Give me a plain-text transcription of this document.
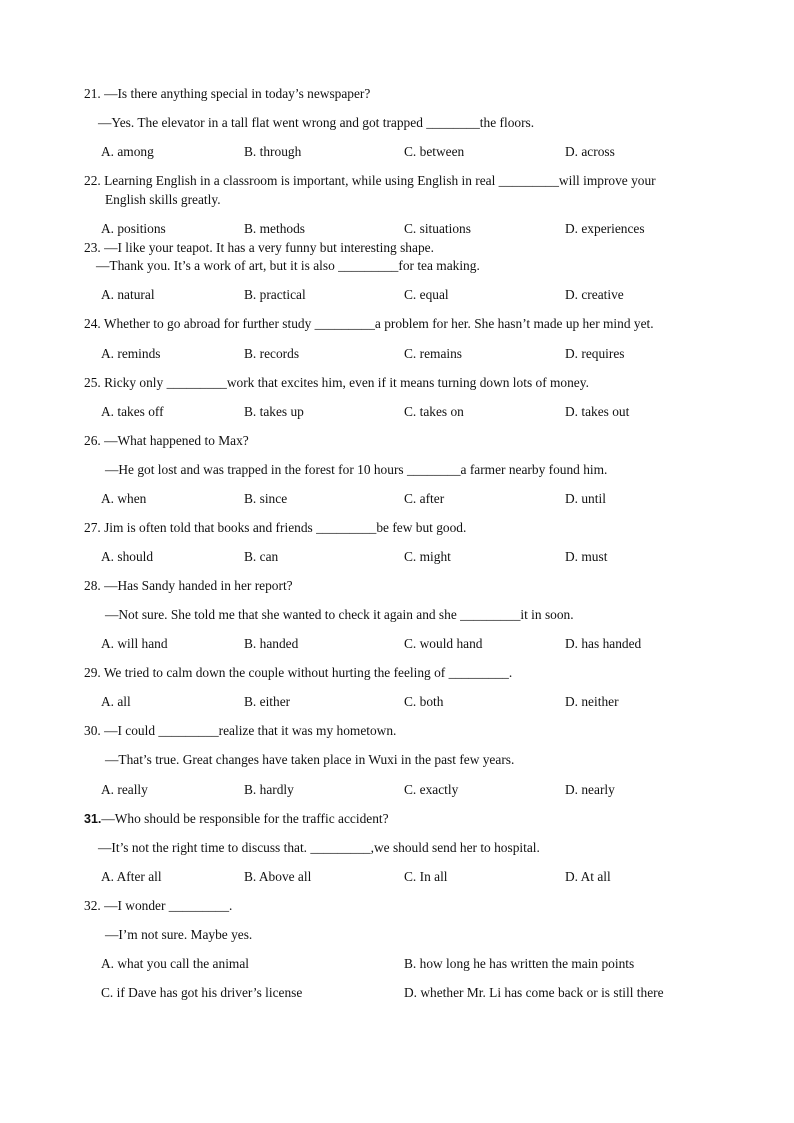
21. —Is there anything special in today’s newspaper?
—Yes. The elevator in a tall flat went wrong and got trapped ________the floors.
A. among	B. through	C. between	D. across
22. Learning English in a classroom is important, while using English in real _________will improve your
English skills greatly.
A. positions	B. methods	C. situations	D. experiences
23. —I like your teapot. It has a very funny but interesting shape.
—Thank you. It’s a work of art, but it is also _________for tea making.
A. natural	B. practical	C. equal	D. creative
24. Whether to go abroad for further study _________a problem for her. She hasn’t made up her mind yet.
A. reminds	B. records	C. remains	D. requires
25. Ricky only _________work that excites him, even if it means turning down lots of money.
A. takes off	B. takes up	C. takes on	D. takes out
26. —What happened to Max?
—He got lost and was trapped in the forest for 10 hours ________a farmer nearby found him.
A. when	B. since	C. after	D. until
27. Jim is often told that books and friends _________be few but good.
A. should	B. can	C. might	D. must
28. —Has Sandy handed in her report?
—Not sure. She told me that she wanted to check it again and she _________it in soon.
A. will hand	B. handed	C. would hand	D. has handed
29. We tried to calm down the couple without hurting the feeling of _________.
A. all	B. either	C. both	D. neither
30. —I could _________realize that it was my hometown.
—That’s true. Great changes have taken place in Wuxi in the past few years.
A. really	B. hardly	C. exactly	D. nearly
31.—Who should be responsible for the traffic accident?
—It’s not the right time to discuss that. _________,we should send her to hospital.
A. After all	B. Above all	C. In all	D. At all
32. —I wonder _________.
—I’m not sure. Maybe yes.
A. what you call the animal	B. how long he has written the main points
C. if Dave has got his driver’s license	D. whether Mr. Li has come back or is still there
